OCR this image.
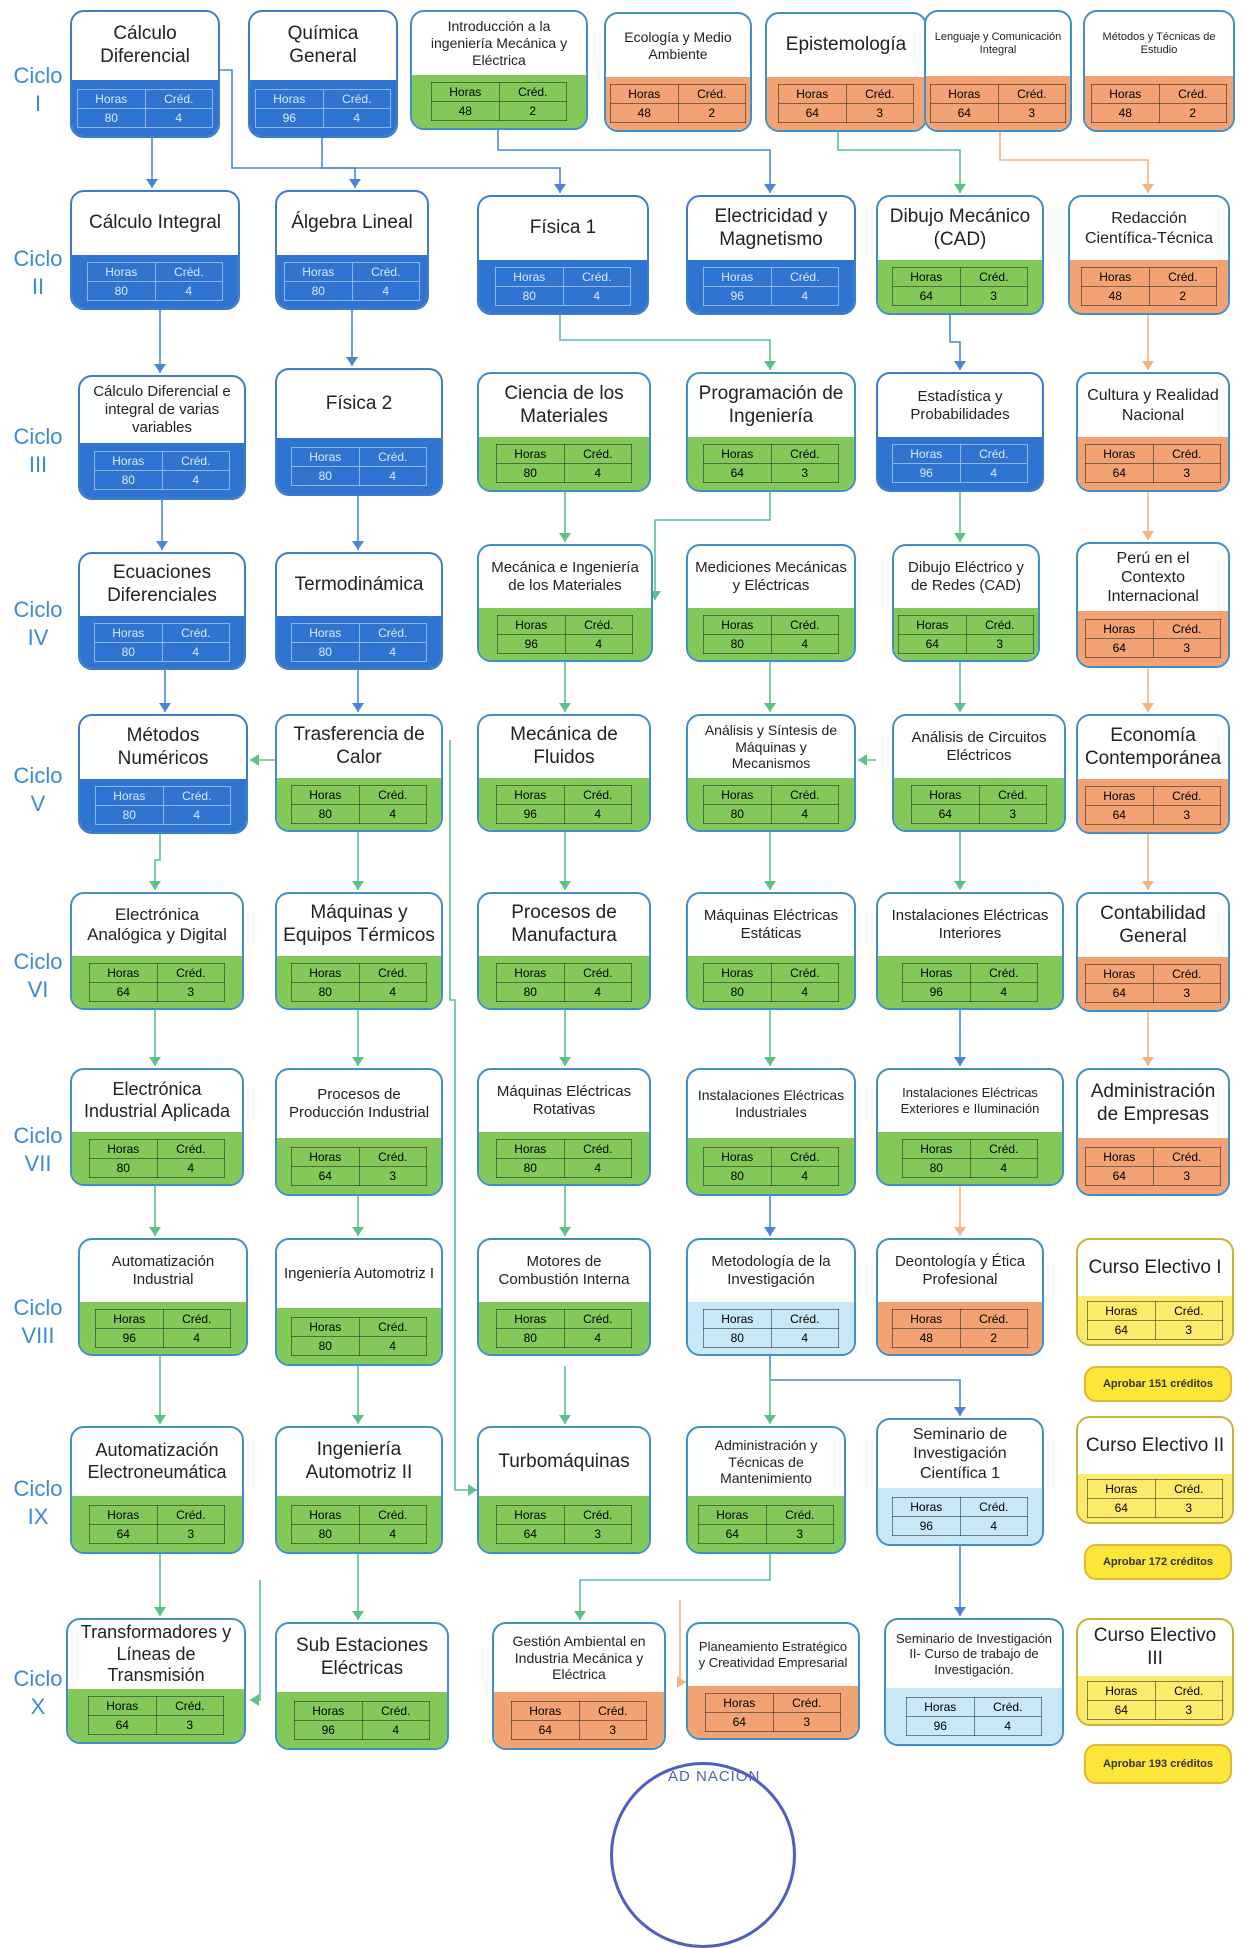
Ciclo
I
Ciclo
II
Ciclo
III
Ciclo
IV
Ciclo
V
Ciclo
VI
Ciclo
VII
Ciclo
VIII
Ciclo
IX
Ciclo
X
Cálculo Diferencial
Horas	Créd.
80	4
Química General
Horas	Créd.
96	4
Introducción a la ingeniería Mecánica y Eléctrica
Horas	Créd.
48	2
Ecología y Medio Ambiente
Horas	Créd.
48	2
Epistemología
Horas	Créd.
64	3
Lenguaje y Comunicación Integral
Horas	Créd.
64	3
Métodos y Técnicas de Estudio
Horas	Créd.
48	2
Cálculo Integral
Horas	Créd.
80	4
Álgebra Lineal
Horas	Créd.
80	4
Física 1
Horas	Créd.
80	4
Electricidad y Magnetismo
Horas	Créd.
96	4
Dibujo Mecánico (CAD)
Horas	Créd.
64	3
Redacción Científica-Técnica
Horas	Créd.
48	2
Cálculo Diferencial e integral de varias variables
Horas	Créd.
80	4
Física 2
Horas	Créd.
80	4
Ciencia de los Materiales
Horas	Créd.
80	4
Programación de Ingeniería
Horas	Créd.
64	3
Estadística y Probabilidades
Horas	Créd.
96	4
Cultura y Realidad Nacional
Horas	Créd.
64	3
Ecuaciones Diferenciales
Horas	Créd.
80	4
Termodinámica
Horas	Créd.
80	4
Mecánica e Ingeniería de los Materiales
Horas	Créd.
96	4
Mediciones Mecánicas y Eléctricas
Horas	Créd.
80	4
Dibujo Eléctrico y de Redes (CAD)
Horas	Créd.
64	3
Perú en el Contexto Internacional
Horas	Créd.
64	3
Métodos Numéricos
Horas	Créd.
80	4
Trasferencia de Calor
Horas	Créd.
80	4
Mecánica de Fluidos
Horas	Créd.
96	4
Análisis y Síntesis de Máquinas y Mecanismos
Horas	Créd.
80	4
Análisis de Circuitos Eléctricos
Horas	Créd.
64	3
Economía Contemporánea
Horas	Créd.
64	3
Electrónica Analógica y Digital
Horas	Créd.
64	3
Máquinas y Equipos Térmicos
Horas	Créd.
80	4
Procesos de Manufactura
Horas	Créd.
80	4
Máquinas Eléctricas Estáticas
Horas	Créd.
80	4
Instalaciones Eléctricas Interiores
Horas	Créd.
96	4
Contabilidad General
Horas	Créd.
64	3
Electrónica Industrial Aplicada
Horas	Créd.
80	4
Procesos de Producción Industrial
Horas	Créd.
64	3
Máquinas Eléctricas Rotativas
Horas	Créd.
80	4
Instalaciones Eléctricas Industriales
Horas	Créd.
80	4
Instalaciones Eléctricas Exteriores e Iluminación
Horas	Créd.
80	4
Administración de Empresas
Horas	Créd.
64	3
Automatización Industrial
Horas	Créd.
96	4
Ingeniería Automotriz I
Horas	Créd.
80	4
Motores de Combustión Interna
Horas	Créd.
80	4
Metodología de la Investigación
Horas	Créd.
80	4
Deontología y Ética Profesional
Horas	Créd.
48	2
Curso Electivo I
Horas	Créd.
64	3
Automatización Electroneumática
Horas	Créd.
64	3
Ingeniería Automotriz II
Horas	Créd.
80	4
Turbomáquinas
Horas	Créd.
64	3
Administración y Técnicas de Mantenimiento
Horas	Créd.
64	3
Seminario de Investigación Científica 1
Horas	Créd.
96	4
Curso Electivo II
Horas	Créd.
64	3
Transformadores y Líneas de Transmisión
Horas	Créd.
64	3
Sub Estaciones Eléctricas
Horas	Créd.
96	4
Gestión Ambiental en Industria Mecánica y Eléctrica
Horas	Créd.
64	3
Planeamiento Estratégico y Creatividad Empresarial
Horas	Créd.
64	3
Seminario de Investigación II- Curso de trabajo de Investigación.
Horas	Créd.
96	4
Curso Electivo III
Horas	Créd.
64	3
Aprobar 151 créditos
Aprobar 172 créditos
Aprobar 193 créditos
AD NACION
